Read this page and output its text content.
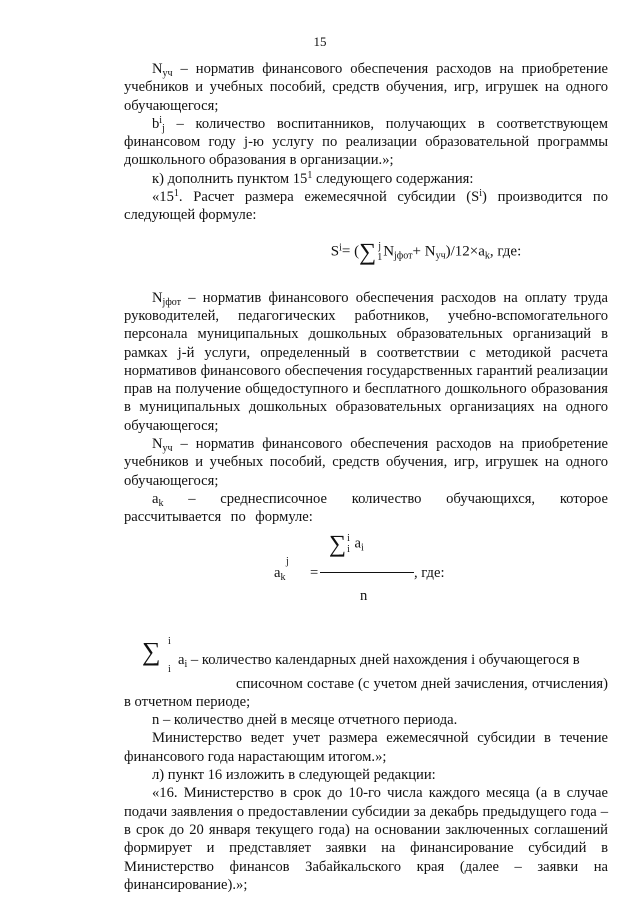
15

$N_{уч}$ – норматив финансового обеспечения расходов на приобретение учебников и учебных пособий, средств обучения, игр, игрушек на одного обучающегося;

$b^i_j$ – количество воспитанников, получающих в соответствующем финансовом году j-ю услугу по реализации образовательной программы дошкольного образования в организации.»;

к) дополнить пунктом $15^1$ следующего содержания:

«$15^1$. Расчет размера ежемесячной субсидии $(S^i)$ производится по следующей формуле:

$S^i=$ (∑ j
$1N_{jфот}+ N_{уч})/12\times a_k$, где:

$N_{jфот}$ – норматив финансового обеспечения расходов на оплату труда руководителей, педагогических работников, учебно-вспомогательного персонала муниципальных дошкольных образовательных организаций в рамках j-й услуги, определенный в соответствии с методикой расчета нормативов финансового обеспечения государственных гарантий реализации прав на получение общедоступного и бесплатного дошкольного образования в муниципальных дошкольных образовательных организациях на одного обучающегося;

$N_{уч}$ – норматив финансового обеспечения расходов на приобретение учебников и учебных пособий, средств обучения, игр, игрушек на одного обучающегося;

$a_k$ – среднесписочное количество обучающихся, которое рассчитывается по формуле:

j
$a_k$ =
∑i
i $a_i$
, где:
n
∑ i
i
$a_i$ – количество календарных дней нахождения i обучающегося в

списочном составе (с учетом дней зачисления, отчисления) в отчетном периоде;

n – количество дней в месяце отчетного периода.

Министерство ведет учет размера ежемесячной субсидии в течение финансового года нарастающим итогом.»;

л) пункт 16 изложить в следующей редакции:

«16. Министерство в срок до 10-го числа каждого месяца (а в случае подачи заявления о предоставлении субсидии за декабрь предыдущего года – в срок до 20 января текущего года) на основании заключенных соглашений формирует и представляет заявки на финансирование субсидий в Министерство финансов Забайкальского края (далее – заявки на финансирование).»;
